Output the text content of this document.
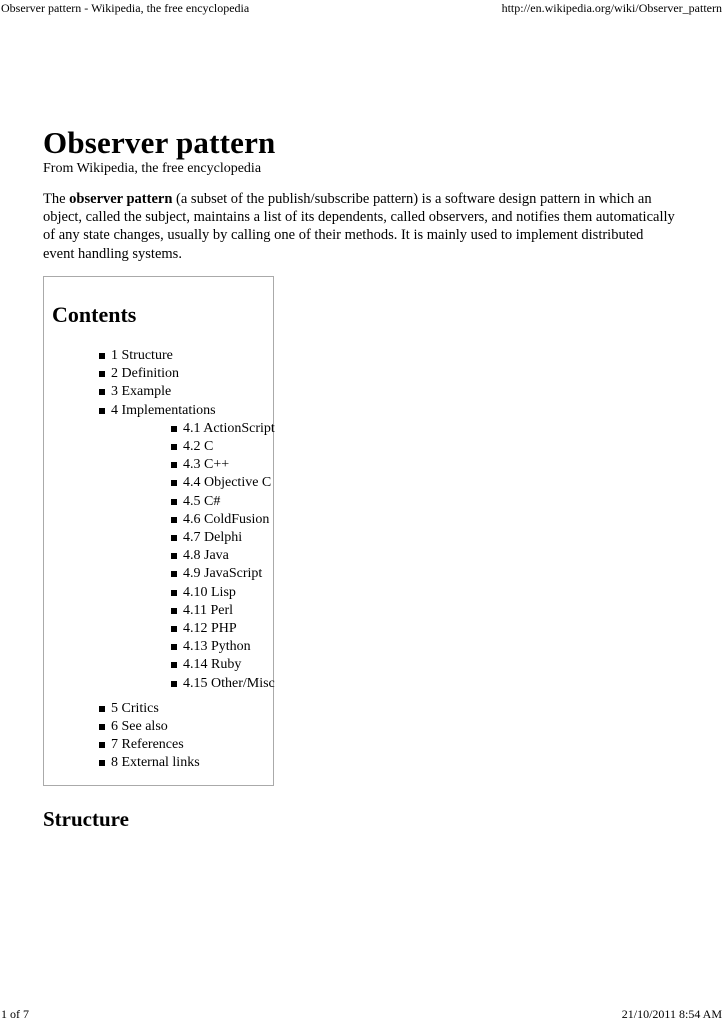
Observer pattern - Wikipedia, the free encyclopedia	http://en.wikipedia.org/wiki/Observer_pattern
Observer pattern
From Wikipedia, the free encyclopedia

The observer pattern (a subset of the publish/subscribe pattern) is a software design pattern in which an object, called the subject, maintains a list of its dependents, called observers, and notifies them automatically of any state changes, usually by calling one of their methods. It is mainly used to implement distributed event handling systems.

Contents
1 Structure
2 Definition
3 Example
4 Implementations
4.1 ActionScript
4.2 C
4.3 C++
4.4 Objective C
4.5 C#
4.6 ColdFusion
4.7 Delphi
4.8 Java
4.9 JavaScript
4.10 Lisp
4.11 Perl
4.12 PHP
4.13 Python
4.14 Ruby
4.15 Other/Misc
5 Critics
6 See also
7 References
8 External links
Structure
1 of 7	21/10/2011 8:54 AM
